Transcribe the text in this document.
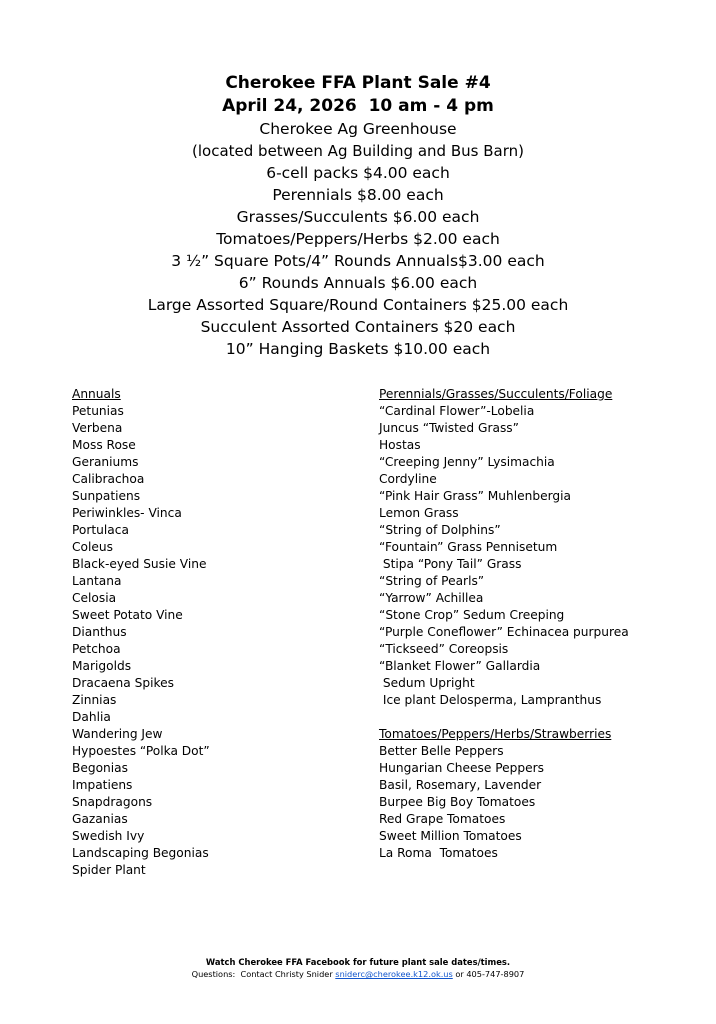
Cherokee FFA Plant Sale #4
April 24, 2026  10 am - 4 pm
Cherokee Ag Greenhouse
(located between Ag Building and Bus Barn)
6-cell packs $4.00 each
Perennials $8.00 each
Grasses/Succulents $6.00 each
Tomatoes/Peppers/Herbs $2.00 each
3 ½” Square Pots/4” Rounds Annuals$3.00 each
6” Rounds Annuals $6.00 each
Large Assorted Square/Round Containers $25.00 each
Succulent Assorted Containers $20 each
10” Hanging Baskets $10.00 each
Annuals
Petunias
Verbena
Moss Rose
Geraniums
Calibrachoa
Sunpatiens
Periwinkles- Vinca
Portulaca
Coleus
Black-eyed Susie Vine
Lantana
Celosia
Sweet Potato Vine
Dianthus
Petchoa
Marigolds
Dracaena Spikes
Zinnias
Dahlia
Wandering Jew
Hypoestes “Polka Dot”
Begonias
Impatiens
Snapdragons
Gazanias
Swedish Ivy
Landscaping Begonias
Spider Plant
Perennials/Grasses/Succulents/Foliage
“Cardinal Flower”-Lobelia
Juncus “Twisted Grass”
Hostas
“Creeping Jenny” Lysimachia
Cordyline
“Pink Hair Grass” Muhlenbergia
Lemon Grass
“String of Dolphins”
“Fountain” Grass Pennisetum
Stipa “Pony Tail” Grass
“String of Pearls”
“Yarrow” Achillea
“Stone Crop” Sedum Creeping
“Purple Coneflower” Echinacea purpurea
“Tickseed” Coreopsis
“Blanket Flower” Gallardia
Sedum Upright
Ice plant Delosperma, Lampranthus
Tomatoes/Peppers/Herbs/Strawberries
Better Belle Peppers
Hungarian Cheese Peppers
Basil, Rosemary, Lavender
Burpee Big Boy Tomatoes
Red Grape Tomatoes
Sweet Million Tomatoes
La Roma  Tomatoes
Watch Cherokee FFA Facebook for future plant sale dates/times.
Questions:  Contact Christy Snider sniderc@cherokee.k12.ok.us or 405-747-8907
